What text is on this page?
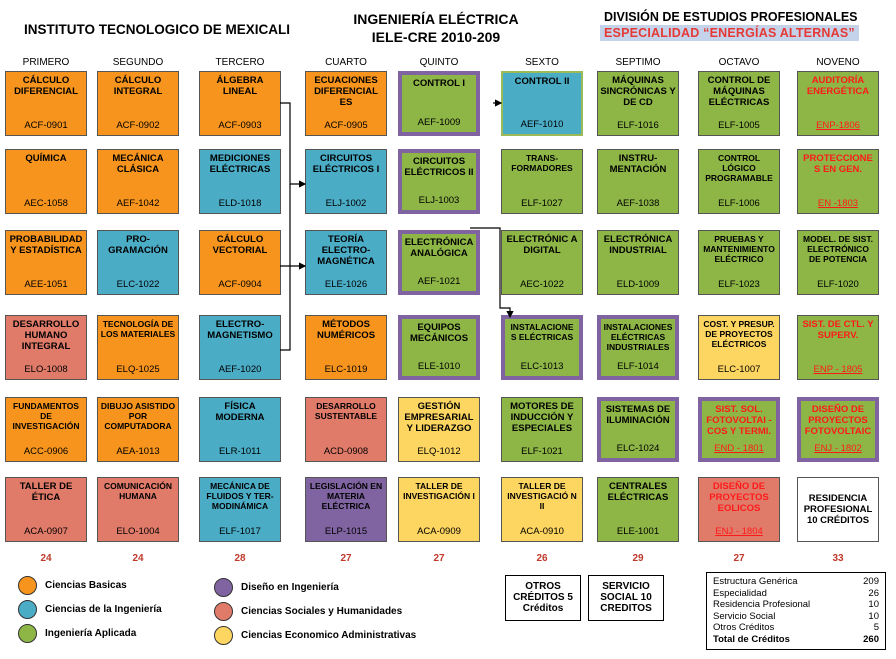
INSTITUTO TECNOLOGICO DE MEXICALI
INGENIERÍA ELÉCTRICA
IELE-CRE 2010-209
DIVISIÓN DE ESTUDIOS PROFESIONALES
ESPECIALIDAD “ENERGÍAS ALTERNAS”
PRIMERO	SEGUNDO	TERCERO	CUARTO	QUINTO	SEXTO	SEPTIMO	OCTAVO	NOVENO
CÁLCULO DIFERENCIAL
ACF-0901
QUÍMICA
AEC-1058
PROBABILIDAD Y ESTADÍSTICA
AEE-1051
DESARROLLO HUMANO INTEGRAL
ELO-1008
FUNDAMENTOS DE INVESTIGACIÓN
ACC-0906
TALLER DE ÉTICA
ACA-0907
CÁLCULO INTEGRAL
ACF-0902
MECÁNICA CLÁSICA
AEF-1042
PRO- GRAMACIÓN
ELC-1022
TECNOLOGÍA DE LOS MATERIALES
ELQ-1025
DIBUJO ASISTIDO POR COMPUTADORA
AEA-1013
COMUNICACIÓN HUMANA
ELO-1004
ÁLGEBRA LINEAL
ACF-0903
MEDICIONES ELÉCTRICAS
ELD-1018
CÁLCULO VECTORIAL
ACF-0904
ELECTRO- MAGNETISMO
AEF-1020
FÍSICA MODERNA
ELR-1011
MECÁNICA DE FLUIDOS Y TER- MODINÁMICA
ELF-1017
ECUACIONES DIFERENCIAL ES
ACF-0905
CIRCUITOS ELÉCTRICOS I
ELJ-1002
TEORÍA ELECTRO- MAGNÉTICA
ELE-1026
MÉTODOS NUMÉRICOS
ELC-1019
DESARROLLO SUSTENTABLE
ACD-0908
LEGISLACIÓN EN MATERIA ELÉCTRICA
ELP-1015
CONTROL I
AEF-1009
CIRCUITOS ELÉCTRICOS II
ELJ-1003
ELECTRÓNICA ANALÓGICA
AEF-1021
EQUIPOS MECÁNICOS
ELE-1010
GESTIÓN EMPRESARIAL Y LIDERAZGO
ELQ-1012
TALLER DE INVESTIGACIÓN I
ACA-0909
CONTROL II
AEF-1010
TRANS- FORMADORES
ELF-1027
ELECTRÓNIC A DIGITAL
AEC-1022
INSTALACIONE S ELÉCTRICAS
ELC-1013
MOTORES DE INDUCCIÓN Y ESPECIALES
ELF-1021
TALLER DE INVESTIGACIÓ N II
ACA-0910
MÁQUINAS SINCRÓNICAS Y DE CD
ELF-1016
INSTRU- MENTACIÓN
AEF-1038
ELECTRÓNICA INDUSTRIAL
ELD-1009
INSTALACIONES ELÉCTRICAS INDUSTRIALES
ELF-1014
SISTEMAS DE ILUMINACIÓN
ELC-1024
CENTRALES ELÉCTRICAS
ELE-1001
CONTROL DE MÁQUINAS ELÉCTRICAS
ELF-1005
CONTROL LÓGICO PROGRAMABLE
ELF-1006
PRUEBAS Y MANTENIMIENTO ELÉCTRICO
ELF-1023
COST. Y PRESUP. DE PROYECTOS ELÉCTRICOS
ELC-1007
SIST. SOL. FOTOVOLTAI -COS Y TERMI.
END - 1801
DISEÑO DE PROYECTOS EOLICOS
ENJ - 1804
AUDITORÍA ENERGÉTICA
ENP-1806
PROTECCIONE S EN GEN.
EN -1803
MODEL. DE SIST. ELECTRÓNICO DE POTENCIA
ELF-1020
SIST. DE CTL. Y SUPERV.
ENP - 1805
DISEÑO DE PROYECTOS FOTOVOLTAIC
ENJ - 1802
RESIDENCIA PROFESIONAL 10 CRÉDITOS
24	24	28	27	27	26	29	27	33
Ciencias Basicas
Ciencias de la Ingeniería
Ingeniería Aplicada
Diseño en Ingeniería
Ciencias Sociales y Humanidades
Ciencias Economico Administrativas
OTROS CRÉDITOS 5 Créditos
SERVICIO SOCIAL 10 CREDITOS
Estructura Genérica	209
Especialidad	26
Residencia Profesional	10
Servicio Social	10
Otros Créditos	5
Total de Créditos	260
